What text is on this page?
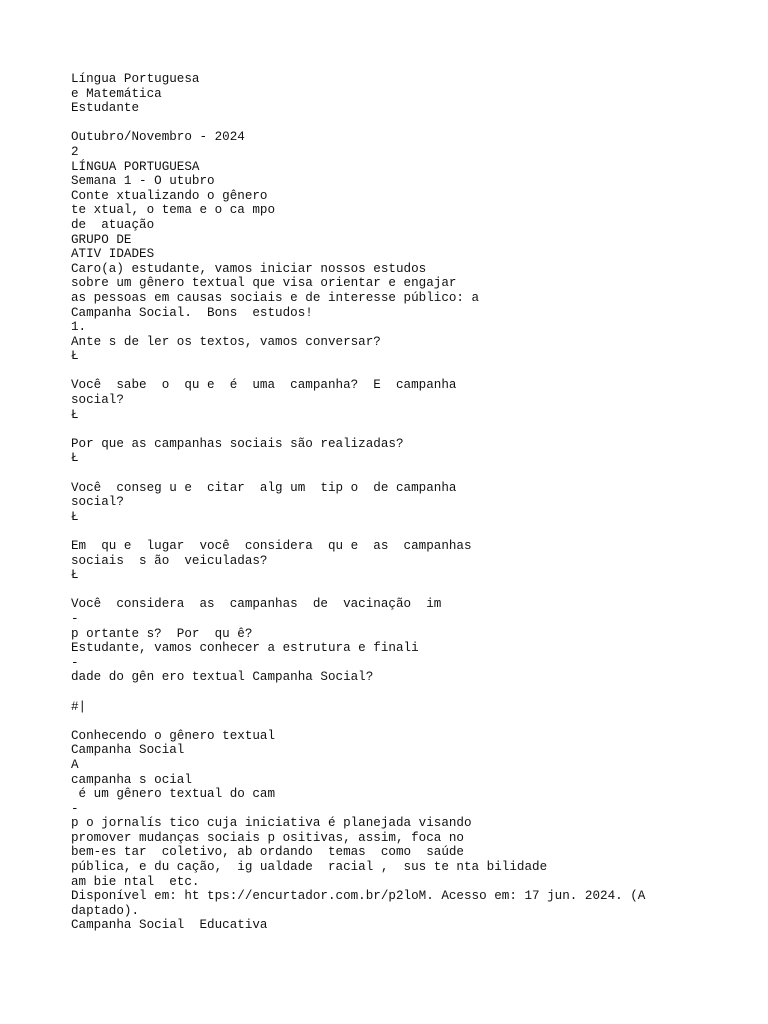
Língua Portuguesa
e Matemática
Estudante

Outubro/Novembro - 2024
2
LÍNGUA PORTUGUESA
Semana 1 - O utubro
Conte xtualizando o gênero
te xtual, o tema e o ca mpo
de  atuação
GRUPO DE
ATIV IDADES
Caro(a) estudante, vamos iniciar nossos estudos
sobre um gênero textual que visa orientar e engajar
as pessoas em causas sociais e de interesse público: a
Campanha Social.  Bons  estudos!
1.
Ante s de ler os textos, vamos conversar?
Ł

Você  sabe  o  qu e  é  uma  campanha?  E  campanha
social?
Ł

Por que as campanhas sociais são realizadas?
Ł

Você  conseg u e  citar  alg um  tip o  de campanha
social?
Ł

Em  qu e  lugar  você  considera  qu e  as  campanhas
sociais  s ão  veiculadas?
Ł

Você  considera  as  campanhas  de  vacinação  im
-
p ortante s?  Por  qu ê?
Estudante, vamos conhecer a estrutura e finali
-
dade do gên ero textual Campanha Social?

#|

Conhecendo o gênero textual
Campanha Social
A
campanha s ocial
é um gênero textual do cam
-
p o jornalís tico cuja iniciativa é planejada visando
promover mudanças sociais p ositivas, assim, foca no
bem-es tar  coletivo, ab ordando  temas  como  saúde
pública, e du cação,  ig ualdade  racial ,  sus te nta bilidade
am bie ntal  etc.
Disponível em: ht tps://encurtador.com.br/p2loM. Acesso em: 17 jun. 2024. (A
daptado).
Campanha Social  Educativa
